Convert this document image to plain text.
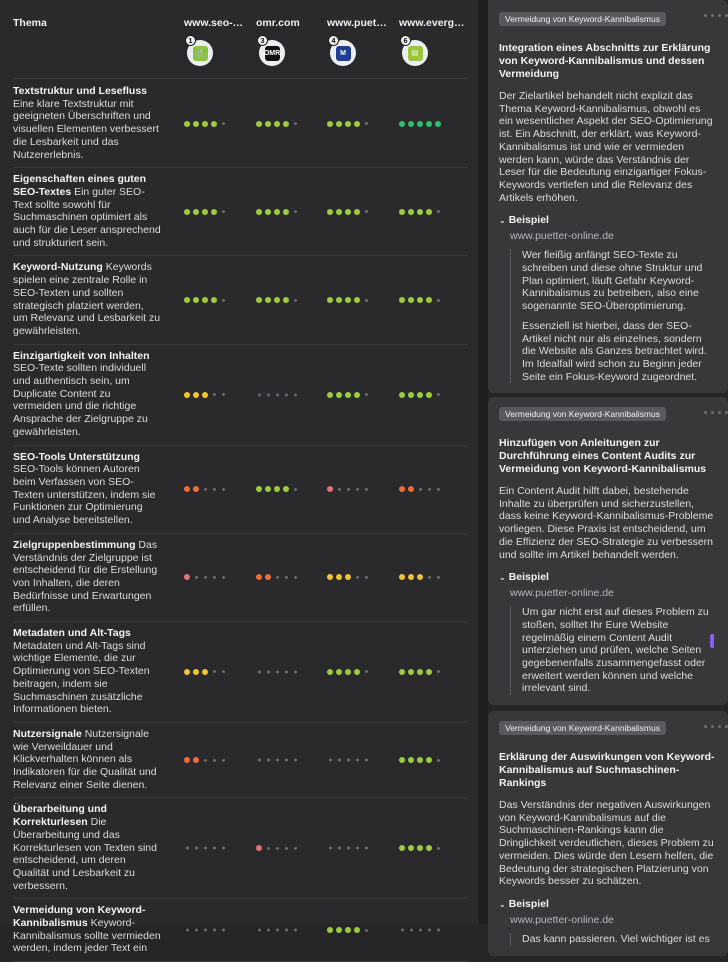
Thema	www.seo-…
🍴
1
omr.com
OMR
3
www.puet…
M
4
www.everg…
▤
6
Textstruktur und Lesefluss
Eine klare Textstruktur mit geeigneten Überschriften und visuellen Elementen verbessert die Lesbarkeit und das Nutzererlebnis.
Eigenschaften eines guten SEO-Textes Ein guter SEO-Text sollte sowohl für Suchmaschinen optimiert als auch für die Leser ansprechend und strukturiert sein.
Keyword-Nutzung Keywords spielen eine zentrale Rolle in SEO-Texten und sollten strategisch platziert werden, um Relevanz und Lesbarkeit zu gewährleisten.
Einzigartigkeit von Inhalten
SEO-Texte sollten individuell und authentisch sein, um Duplicate Content zu vermeiden und die richtige Ansprache der Zielgruppe zu gewährleisten.
SEO-Tools Unterstützung SEO-Tools können Autoren beim Verfassen von SEO-Texten unterstützen, indem sie Funktionen zur Optimierung und Analyse bereitstellen.
Zielgruppenbestimmung Das Verständnis der Zielgruppe ist entscheidend für die Erstellung von Inhalten, die deren Bedürfnisse und Erwartungen erfüllen.
Metadaten und Alt-Tags
Metadaten und Alt-Tags sind wichtige Elemente, die zur Optimierung von SEO-Texten beitragen, indem sie Suchmaschinen zusätzliche Informationen bieten.
Nutzersignale Nutzersignale wie Verweildauer und Klickverhalten können als Indikatoren für die Qualität und Relevanz einer Seite dienen.
Überarbeitung und Korrekturlesen Die Überarbeitung und das Korrekturlesen von Texten sind entscheidend, um deren Qualität und Lesbarkeit zu verbessern.
Vermeidung von Keyword-Kannibalismus Keyword-Kannibalismus sollte vermieden werden, indem jeder Text ein
Vermeidung von Keyword-Kannibalismus
Integration eines Abschnitts zur Erklärung von Keyword-Kannibalismus und dessen Vermeidung
Der Zielartikel behandelt nicht explizit das Thema Keyword-Kannibalismus, obwohl es ein wesentlicher Aspekt der SEO-Optimierung ist. Ein Abschnitt, der erklärt, was Keyword-Kannibalismus ist und wie er vermieden werden kann, würde das Verständnis der Leser für die Bedeutung einzigartiger Fokus-Keywords vertiefen und die Relevanz des Artikels erhöhen.
⌄ Beispiel
www.puetter-online.de

Wer fleißig anfängt SEO-Texte zu schreiben und diese ohne Struktur und Plan optimiert, läuft Gefahr Keyword-Kannibalismus zu betreiben, also eine sogenannte SEO-Überoptimierung.

Essenziell ist hierbei, dass der SEO-Artikel nicht nur als einzelnes, sondern die Website als Ganzes betrachtet wird. Im Idealfall wird schon zu Beginn jeder Seite ein Fokus-Keyword zugeordnet.

Vermeidung von Keyword-Kannibalismus
Hinzufügen von Anleitungen zur Durchführung eines Content Audits zur Vermeidung von Keyword-Kannibalismus
Ein Content Audit hilft dabei, bestehende Inhalte zu überprüfen und sicherzustellen, dass keine Keyword-Kannibalismus-Probleme vorliegen. Diese Praxis ist entscheidend, um die Effizienz der SEO-Strategie zu verbessern und sollte im Artikel behandelt werden.
⌄ Beispiel
www.puetter-online.de

Um gar nicht erst auf dieses Problem zu stoßen, solltet Ihr Eure Website regelmäßig einem Content Audit unterziehen und prüfen, welche Seiten gegebenenfalls zusammengefasst oder erweitert werden können und welche irrelevant sind.

Vermeidung von Keyword-Kannibalismus
Erklärung der Auswirkungen von Keyword-Kannibalismus auf Suchmaschinen-Rankings
Das Verständnis der negativen Auswirkungen von Keyword-Kannibalismus auf die Suchmaschinen-Rankings kann die Dringlichkeit verdeutlichen, dieses Problem zu vermeiden. Dies würde den Lesern helfen, die Bedeutung der strategischen Platzierung von Keywords besser zu schätzen.
⌄ Beispiel
www.puetter-online.de

Das kann passieren. Viel wichtiger ist es
